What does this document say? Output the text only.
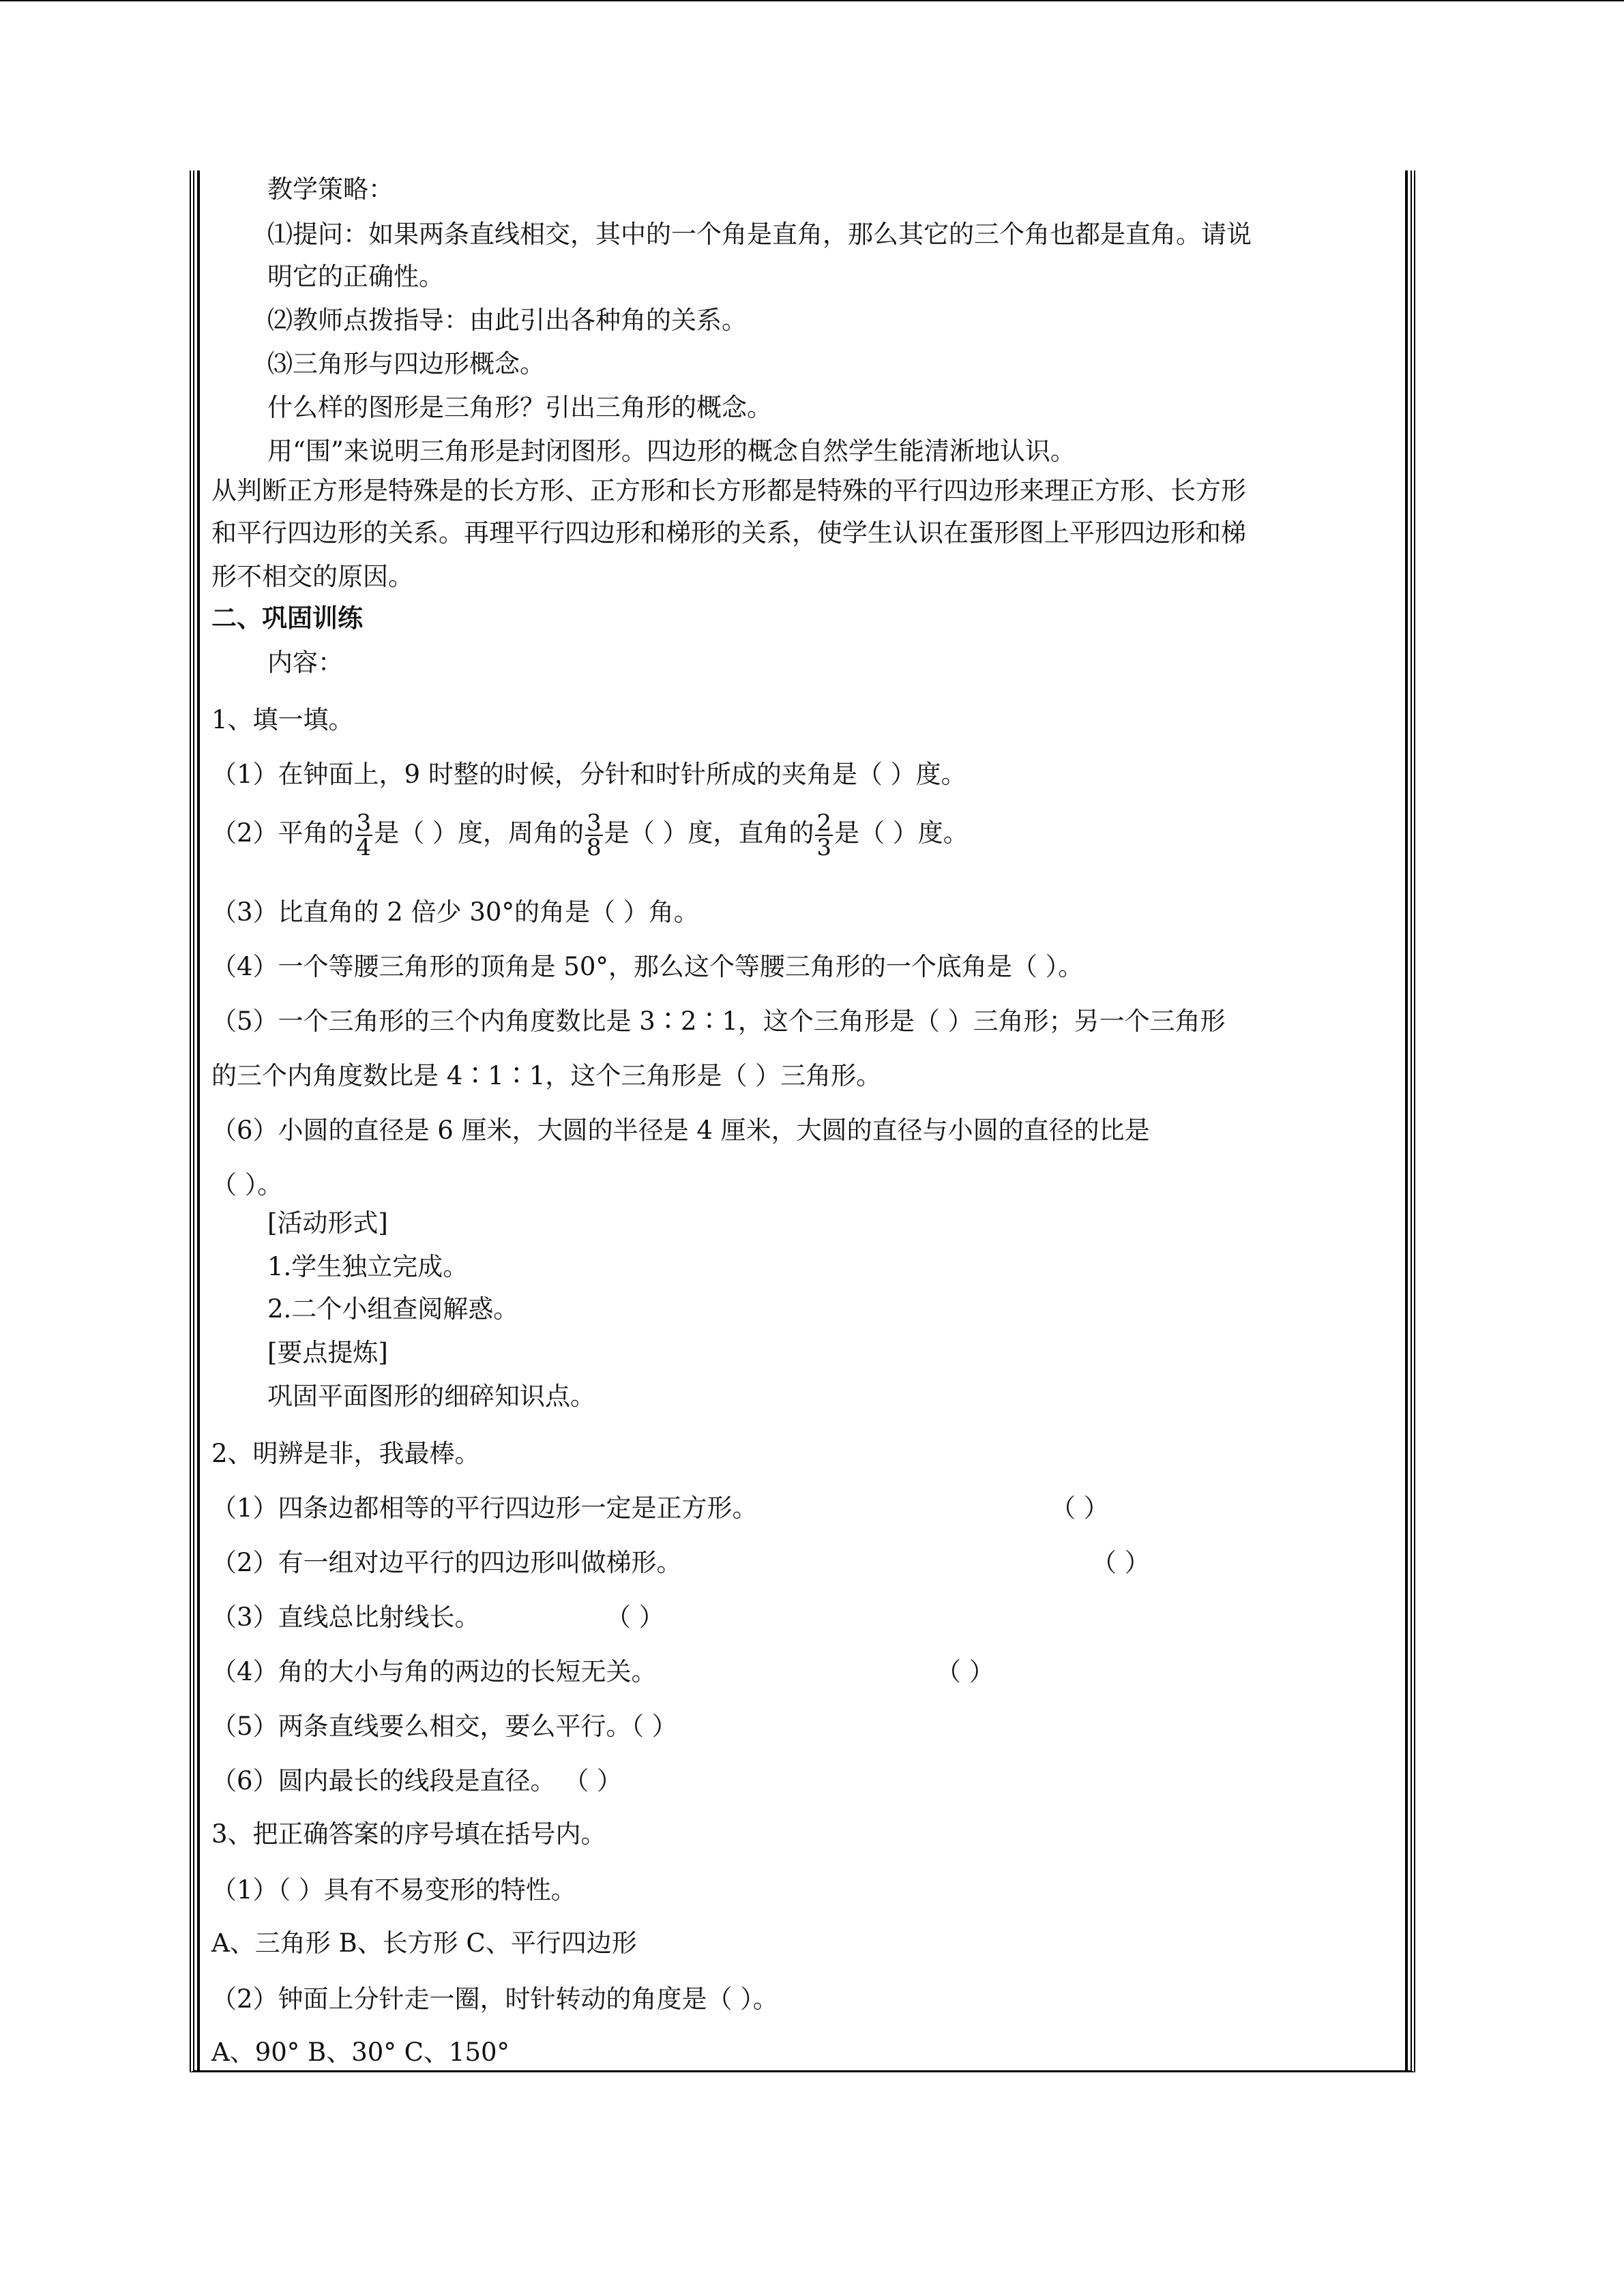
教学策略：
⑴提问：如果两条直线相交，其中的一个角是直角，那么其它的三个角也都是直角。请说
明它的正确性。
⑵教师点拨指导：由此引出各种角的关系。
⑶三角形与四边形概念。
什么样的图形是三角形？引出三角形的概念。
用“围”来说明三角形是封闭图形。四边形的概念自然学生能清淅地认识。
从判断正方形是特殊是的长方形、正方形和长方形都是特殊的平行四边形来理正方形、长方形
和平行四边形的关系。再理平行四边形和梯形的关系，使学生认识在蛋形图上平形四边形和梯
形不相交的原因。
二、巩固训练
内容：
1、填一填。
（1）在钟面上，9 时整的时候，分针和时针所成的夹角是（ ）度。
（2）平角的 $\frac{3}{4}$ 是（ ）度，周角的 $\frac{3}{8}$ 是（ ）度，直角的 $\frac{2}{3}$ 是（ ）度。
（3）比直角的 2 倍少 30°的角是（ ）角。
（4）一个等腰三角形的顶角是 50°，那么这个等腰三角形的一个底角是（ ）。
（5）一个三角形的三个内角度数比是 3∶2∶1，这个三角形是（ ）三角形；另一个三角形
的三个内角度数比是 4∶1∶1，这个三角形是（ ）三角形。
（6）小圆的直径是 6 厘米，大圆的半径是 4 厘米，大圆的直径与小圆的直径的比是
（ ）。
[活动形式]
1.学生独立完成。
2.二个小组查阅解惑。
[要点提炼]
巩固平面图形的细碎知识点。
2、明辨是非，我最棒。
（1）四条边都相等的平行四边形一定是正方形。	（ ）
（2）有一组对边平行的四边形叫做梯形。	（ ）
（3）直线总比射线长。	（ ）
（4）角的大小与角的两边的长短无关。	（ ）
（5）两条直线要么相交，要么平行。（ ）
（6）圆内最长的线段是直径。 （ ）
3、把正确答案的序号填在括号内。
（1）（ ）具有不易变形的特性。
A、三角形 B、长方形 C、平行四边形
（2）钟面上分针走一圈，时针转动的角度是（ ）。
A、90° B、30° C、150°
